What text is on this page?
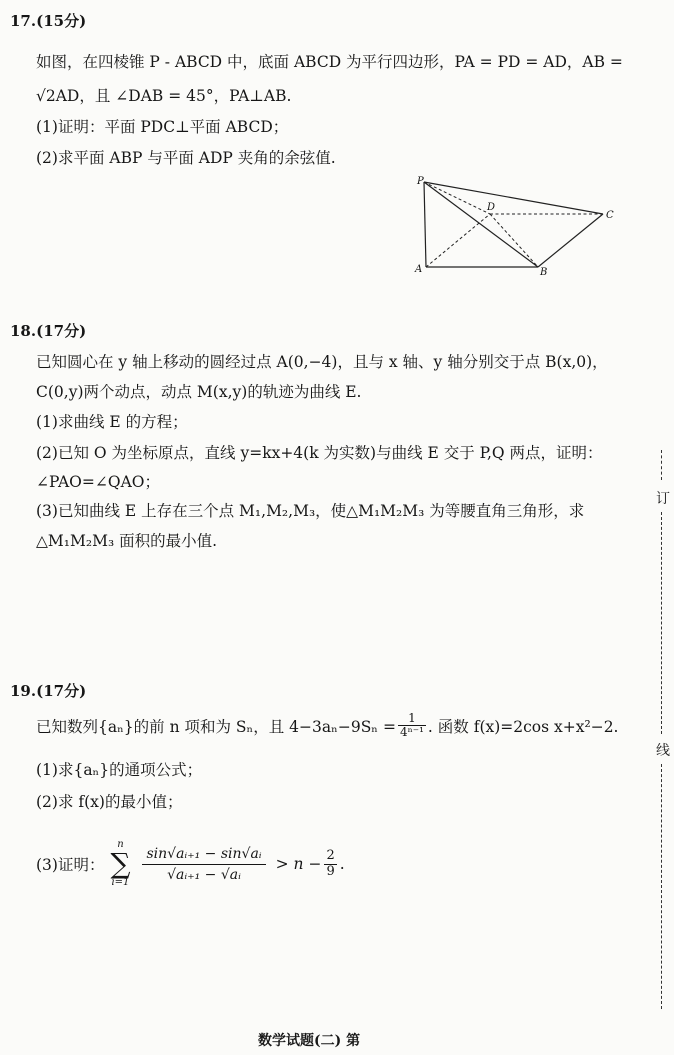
17.(15分)
如图，在四棱锥 P - ABCD 中，底面 ABCD 为平行四边形，PA = PD = AD，AB =
√2AD，且 ∠DAB = 45°，PA⊥AB.
(1)证明：平面 PDC⊥平面 ABCD；
(2)求平面 ABP 与平面 ADP 夹角的余弦值.
P
D
C
A	B
18.(17分)
已知圆心在 y 轴上移动的圆经过点 A(0,−4)，且与 x 轴、y 轴分别交于点 B(x,0)，
C(0,y)两个动点，动点 M(x,y)的轨迹为曲线 E.
(1)求曲线 E 的方程；
(2)已知 O 为坐标原点，直线 y=kx+4(k 为实数)与曲线 E 交于 P,Q 两点，证明：
∠PAO=∠QAO；
(3)已知曲线 E 上存在三个点 M₁,M₂,M₃，使△M₁M₂M₃ 为等腰直角三角形，求
△M₁M₂M₃ 面积的最小值.
19.(17分)
已知数列{aₙ}的前 n 项和为 Sₙ，且 $4-3a_n-9S_n = \frac{1}{\text{4ⁿ⁻¹}}$ . 函数 f(x)=2cos x+x²−2.
(1)求{aₙ}的通项公式；
(2)求 f(x)的最小值；
(3)证明：
n
∑
$i=1 \frac{\text{sin√aᵢ₊₁ − sin√aᵢ}}{\text{√aᵢ₊₁ − √aᵢ}} > n - \frac{2}{9}$ .
订
线
数学试题(二) 第
